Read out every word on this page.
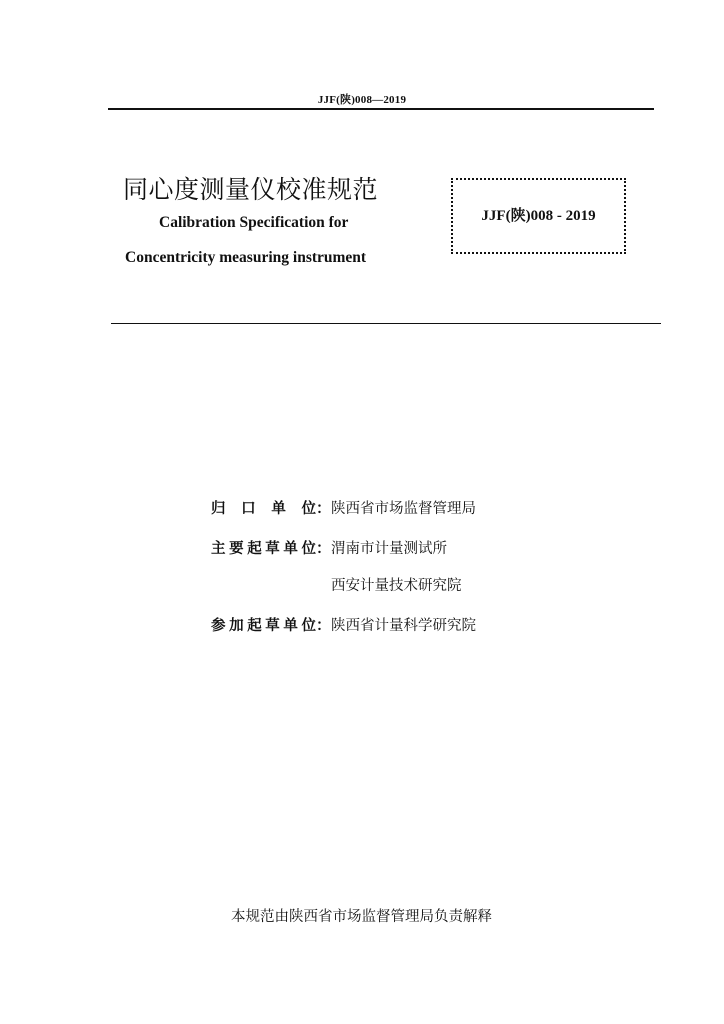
JJF(陕)008—2019
同心度测量仪校准规范
Calibration Specification for
Concentricity measuring instrument
JJF(陕)008 - 2019
归口单位：陕西省市场监督管理局
主要起草单位：渭南市计量测试所
西安计量技术研究院
参加起草单位：陕西省计量科学研究院
本规范由陕西省市场监督管理局负责解释
